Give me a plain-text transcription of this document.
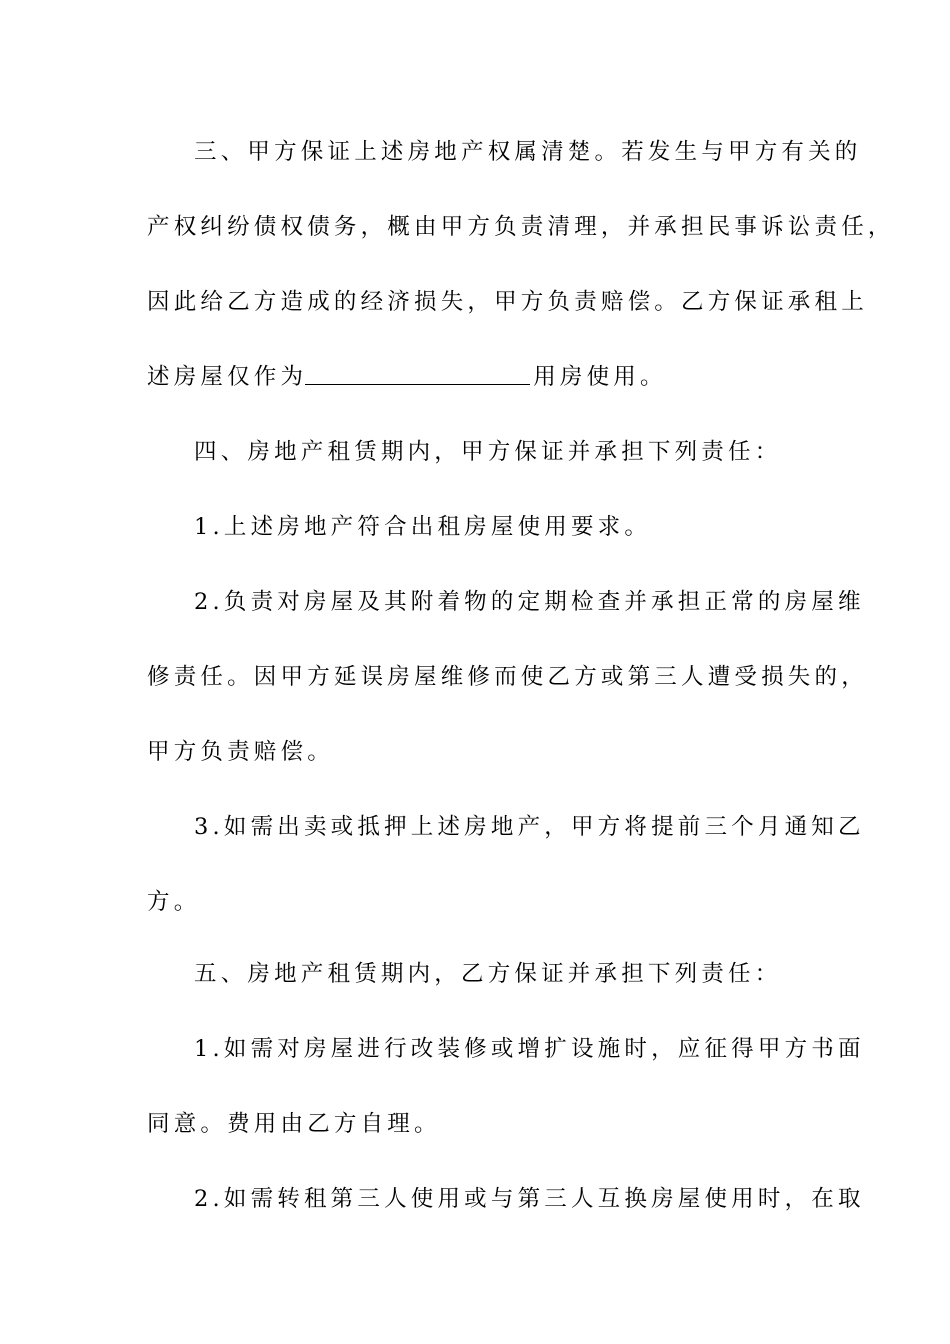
三、甲方保证上述房地产权属清楚。若发生与甲方有关的
产权纠纷债权债务，概由甲方负责清理，并承担民事诉讼责任，
因此给乙方造成的经济损失，甲方负责赔偿。乙方保证承租上
述房屋仅作为	用房使用。
四、房地产租赁期内，甲方保证并承担下列责任：
1.上述房地产符合出租房屋使用要求。
2.负责对房屋及其附着物的定期检查并承担正常的房屋维
修责任。因甲方延误房屋维修而使乙方或第三人遭受损失的，
甲方负责赔偿。
3.如需出卖或抵押上述房地产，甲方将提前三个月通知乙
方。
五、房地产租赁期内，乙方保证并承担下列责任：
1.如需对房屋进行改装修或增扩设施时，应征得甲方书面
同意。费用由乙方自理。
2.如需转租第三人使用或与第三人互换房屋使用时，在取
